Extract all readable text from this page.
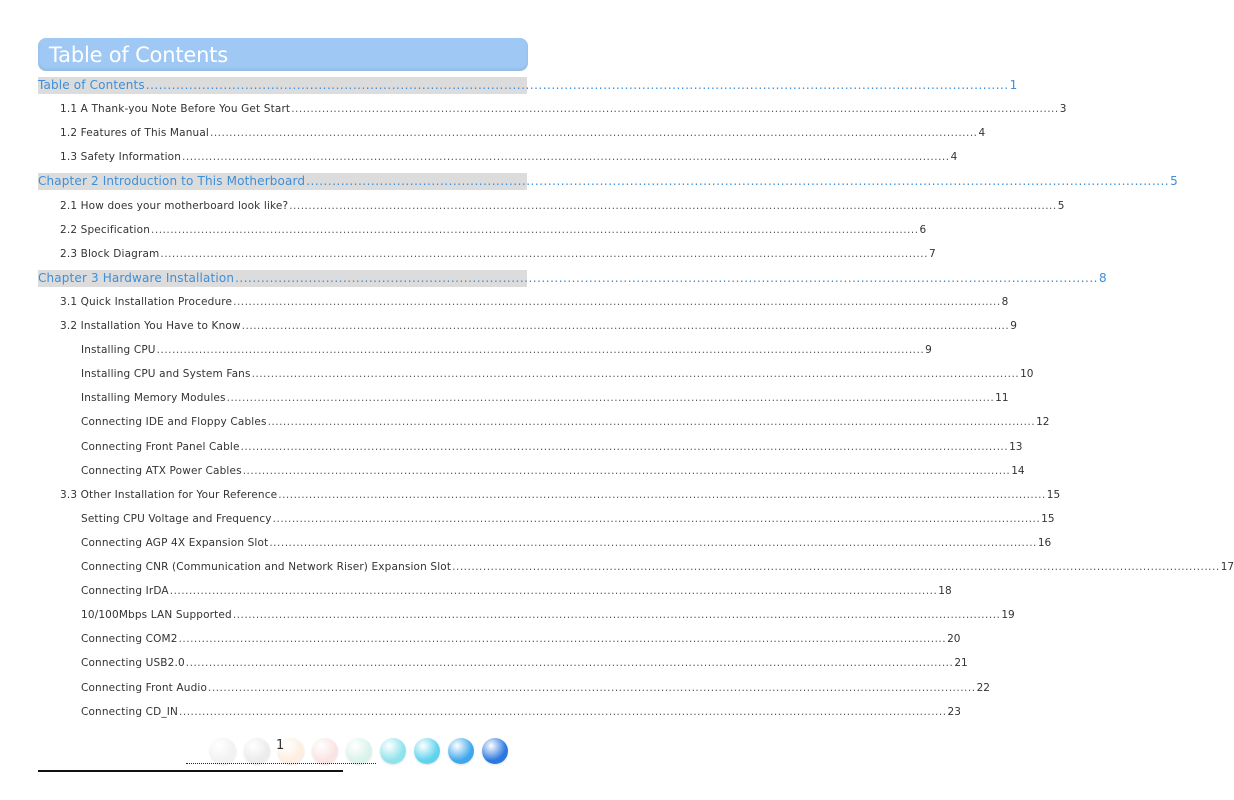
Table of Contents
Table of Contents ........................................................................................................................................................................................................ 1
1.1 A Thank-you Note Before You Get Start ........................................................................................................................................................................................................ 3
1.2 Features of This Manual ........................................................................................................................................................................................................ 4
1.3 Safety Information ........................................................................................................................................................................................................ 4
Chapter 2 Introduction to This Motherboard ........................................................................................................................................................................................................ 5
2.1 How does your motherboard look like? ........................................................................................................................................................................................................ 5
2.2 Specification ........................................................................................................................................................................................................ 6
2.3 Block Diagram ........................................................................................................................................................................................................ 7
Chapter 3 Hardware Installation ........................................................................................................................................................................................................ 8
3.1 Quick Installation Procedure ........................................................................................................................................................................................................ 8
3.2 Installation You Have to Know ........................................................................................................................................................................................................ 9
Installing CPU ........................................................................................................................................................................................................ 9
Installing CPU and System Fans ........................................................................................................................................................................................................ 10
Installing Memory Modules ........................................................................................................................................................................................................ 11
Connecting IDE and Floppy Cables ........................................................................................................................................................................................................ 12
Connecting Front Panel Cable ........................................................................................................................................................................................................ 13
Connecting ATX Power Cables ........................................................................................................................................................................................................ 14
3.3 Other Installation for Your Reference ........................................................................................................................................................................................................ 15
Setting CPU Voltage and Frequency ........................................................................................................................................................................................................ 15
Connecting AGP 4X Expansion Slot ........................................................................................................................................................................................................ 16
Connecting CNR (Communication and Network Riser) Expansion Slot ........................................................................................................................................................................................................ 17
Connecting IrDA ........................................................................................................................................................................................................ 18
10/100Mbps LAN Supported ........................................................................................................................................................................................................ 19
Connecting COM2 ........................................................................................................................................................................................................ 20
Connecting USB2.0 ........................................................................................................................................................................................................ 21
Connecting Front Audio ........................................................................................................................................................................................................ 22
Connecting CD_IN ........................................................................................................................................................................................................ 23
1
